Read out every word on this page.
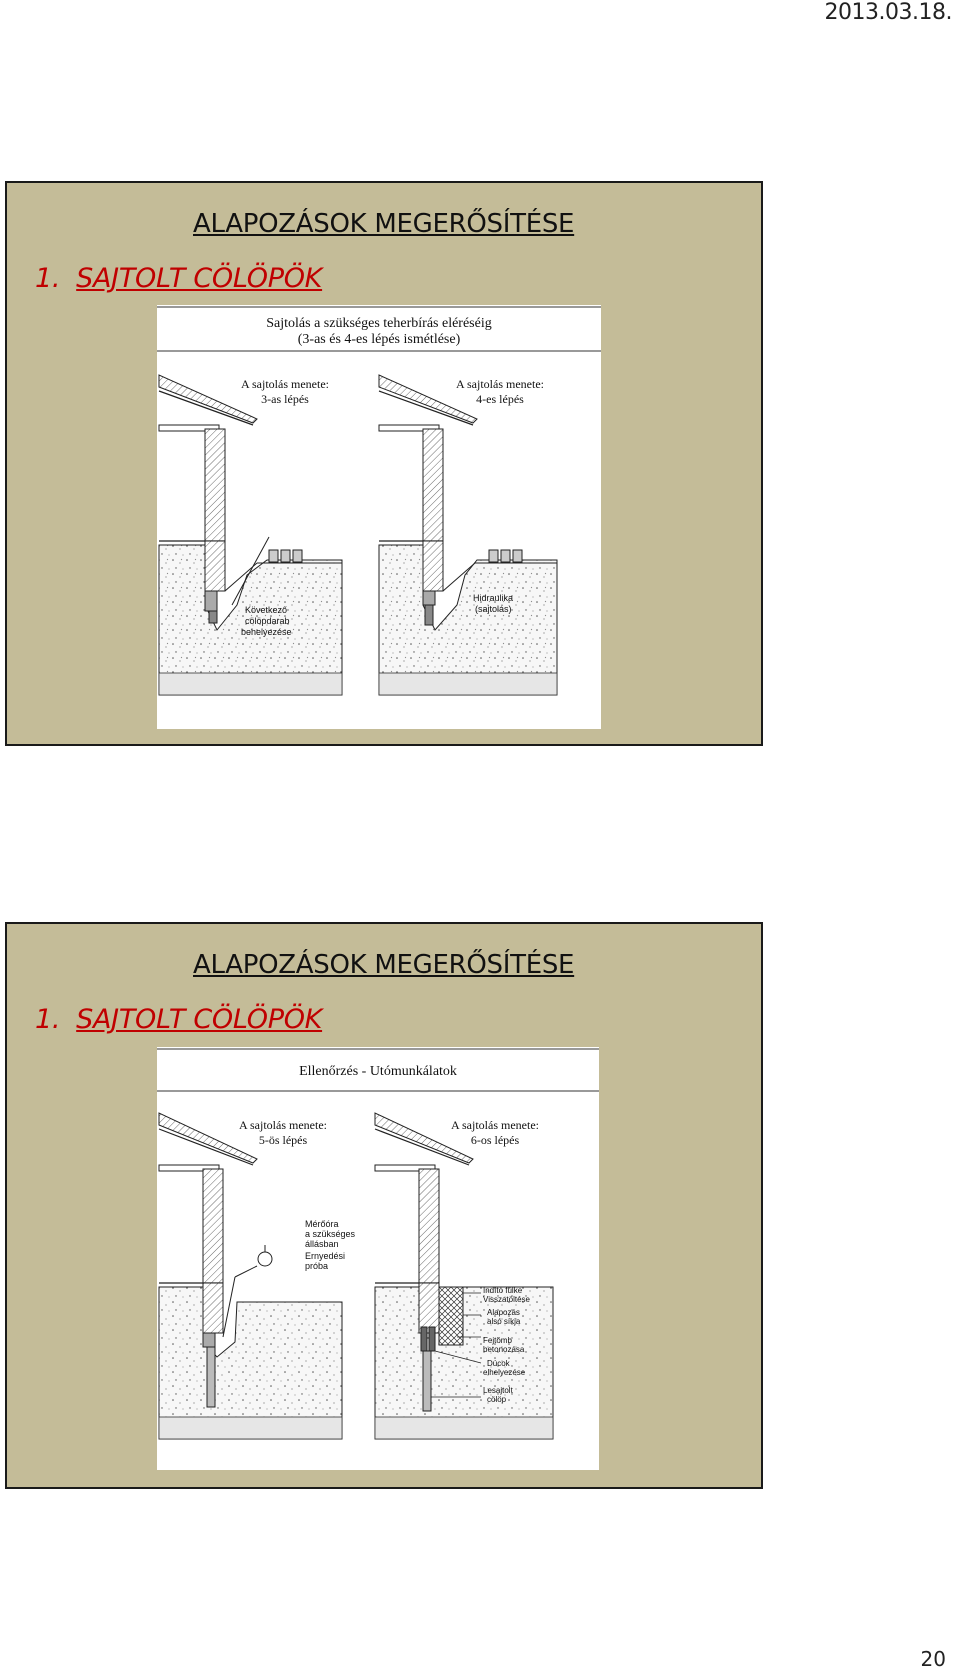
2013.03.18.
ALAPOZÁSOK MEGERŐSÍTÉSE
1. SAJTOLT CÖLÖPÖK
Sajtolás a szükséges teherbírás eléréséig
(3-as és 4-es lépés ismétlése)
A sajtolás menete:
3-as lépés
Következő
cölöpdarab
behelyezése
A sajtolás menete:
4-es lépés
Hidraulika
(sajtolás)
ALAPOZÁSOK MEGERŐSÍTÉSE
1. SAJTOLT CÖLÖPÖK
Ellenőrzés - Utómunkálatok
A sajtolás menete:
5-ös lépés
Mérőóra
a szükséges
állásban
Ernyedési
próba
A sajtolás menete:
6-os lépés
Indító fülke
Visszatöltése
Alapozás
alsó síkja
Fejtömb
betonozása
Dúcok
elhelyezése
Lesajtolt
cölöp
20
